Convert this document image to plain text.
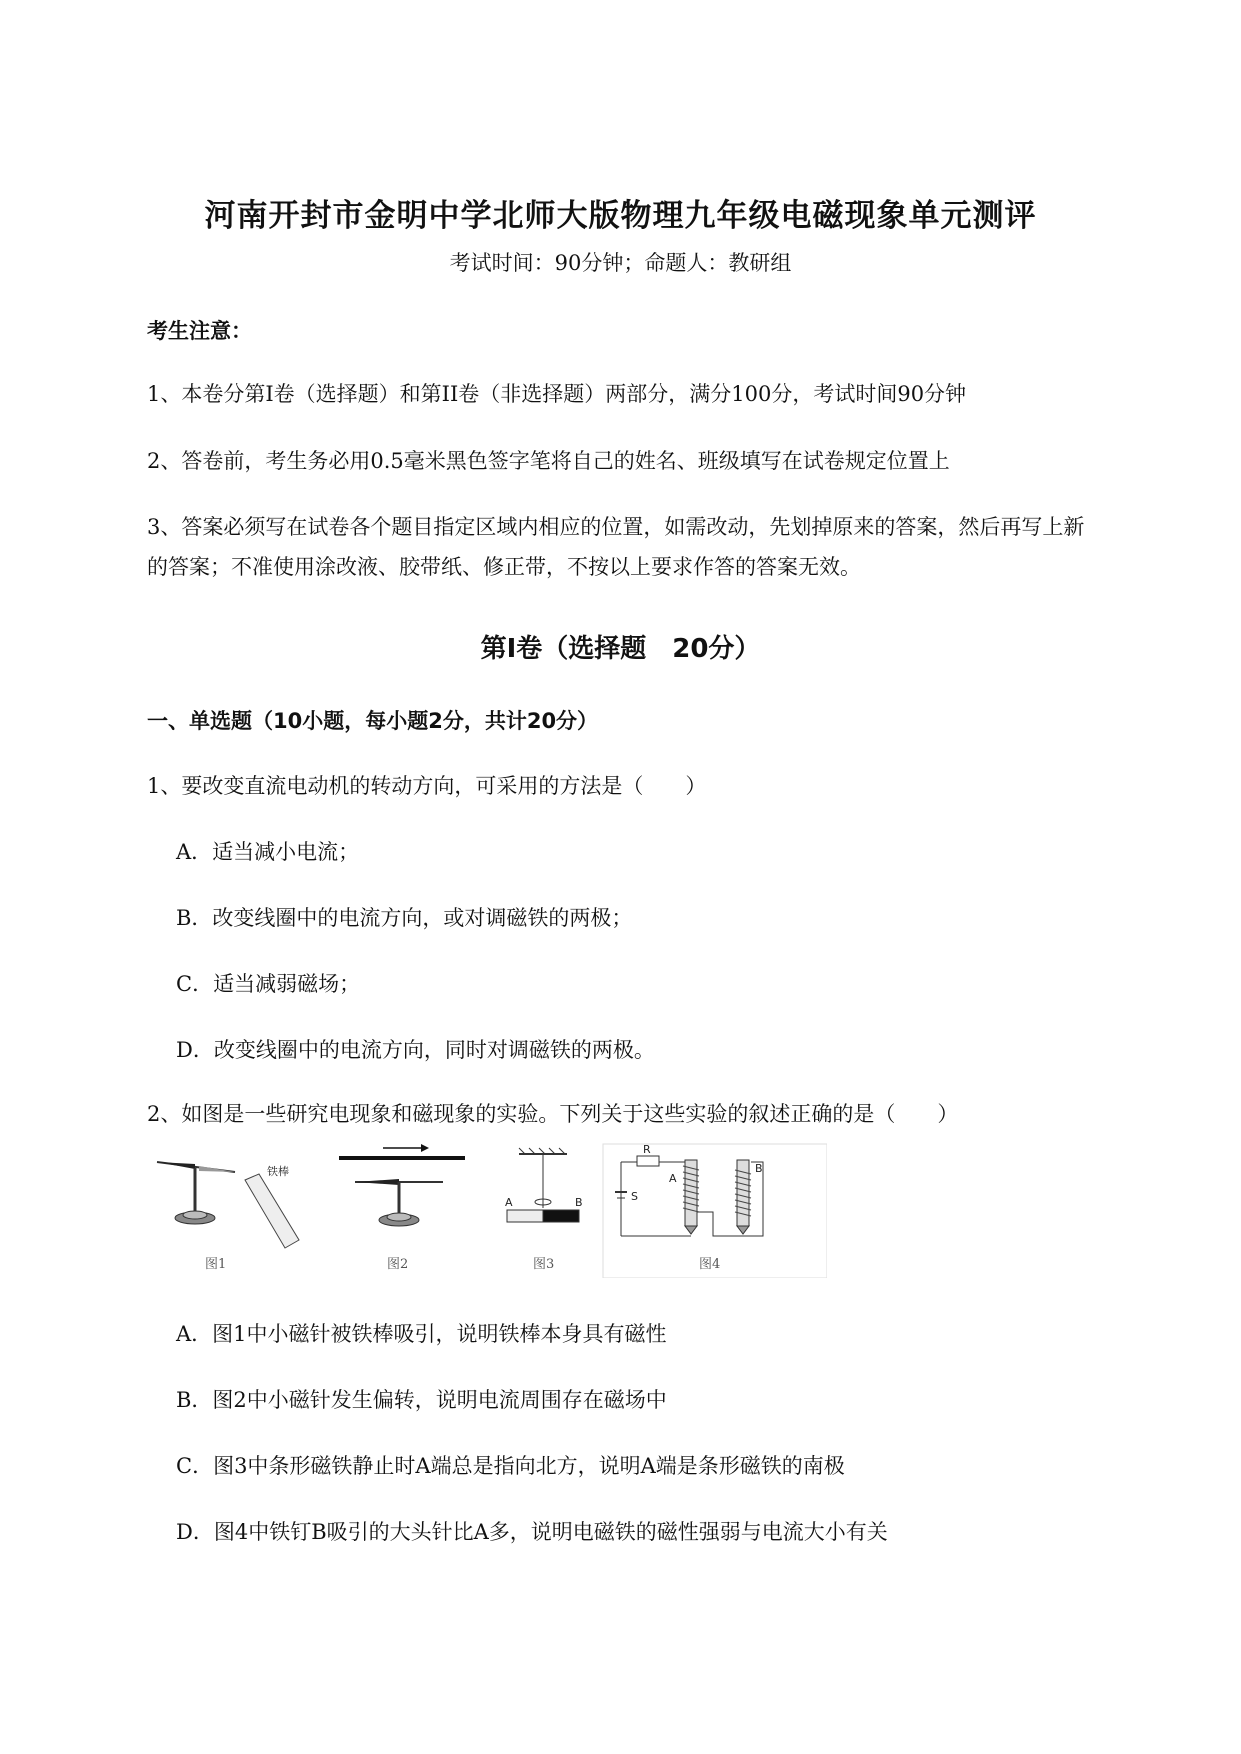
河南开封市金明中学北师大版物理九年级电磁现象单元测评
考试时间：90分钟；命题人：教研组
考生注意：
1、本卷分第I卷（选择题）和第II卷（非选择题）两部分，满分100分，考试时间90分钟
2、答卷前，考生务必用0.5毫米黑色签字笔将自己的姓名、班级填写在试卷规定位置上
3、答案必须写在试卷各个题目指定区域内相应的位置，如需改动，先划掉原来的答案，然后再写上新
的答案；不准使用涂改液、胶带纸、修正带，不按以上要求作答的答案无效。
第I卷（选择题　20分）
一、单选题（10小题，每小题2分，共计20分）
1、要改变直流电动机的转动方向，可采用的方法是（　　）
A．适当减小电流；
B．改变线圈中的电流方向，或对调磁铁的两极；
C．适当减弱磁场；
D．改变线圈中的电流方向，同时对调磁铁的两极。
2、如图是一些研究电现象和磁现象的实验。下列关于这些实验的叙述正确的是（　　）
铁棒
图1	图2
A	B
图3
R
S
A
B
图4
A．图1中小磁针被铁棒吸引，说明铁棒本身具有磁性
B．图2中小磁针发生偏转，说明电流周围存在磁场中
C．图3中条形磁铁静止时A端总是指向北方，说明A端是条形磁铁的南极
D．图4中铁钉B吸引的大头针比A多，说明电磁铁的磁性强弱与电流大小有关
